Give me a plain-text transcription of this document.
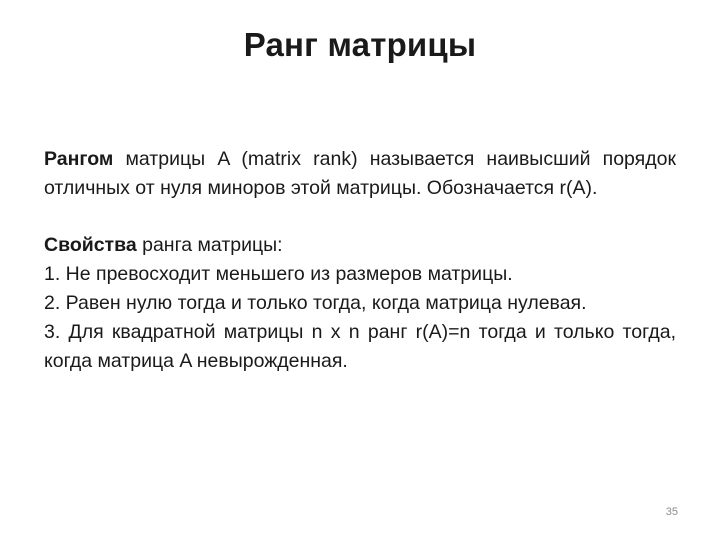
Ранг матрицы
Рангом матрицы A (matrix rank) называется наивысший порядок отличных от нуля миноров этой матрицы. Обозначается r(A).

Свойства ранга матрицы:

1. Не превосходит меньшего из размеров матрицы.

2. Равен нулю тогда и только тогда, когда матрица нулевая.

3. Для квадратной матрицы n x n ранг r(A)=n тогда и только тогда, когда матрица A невырожденная.

35
